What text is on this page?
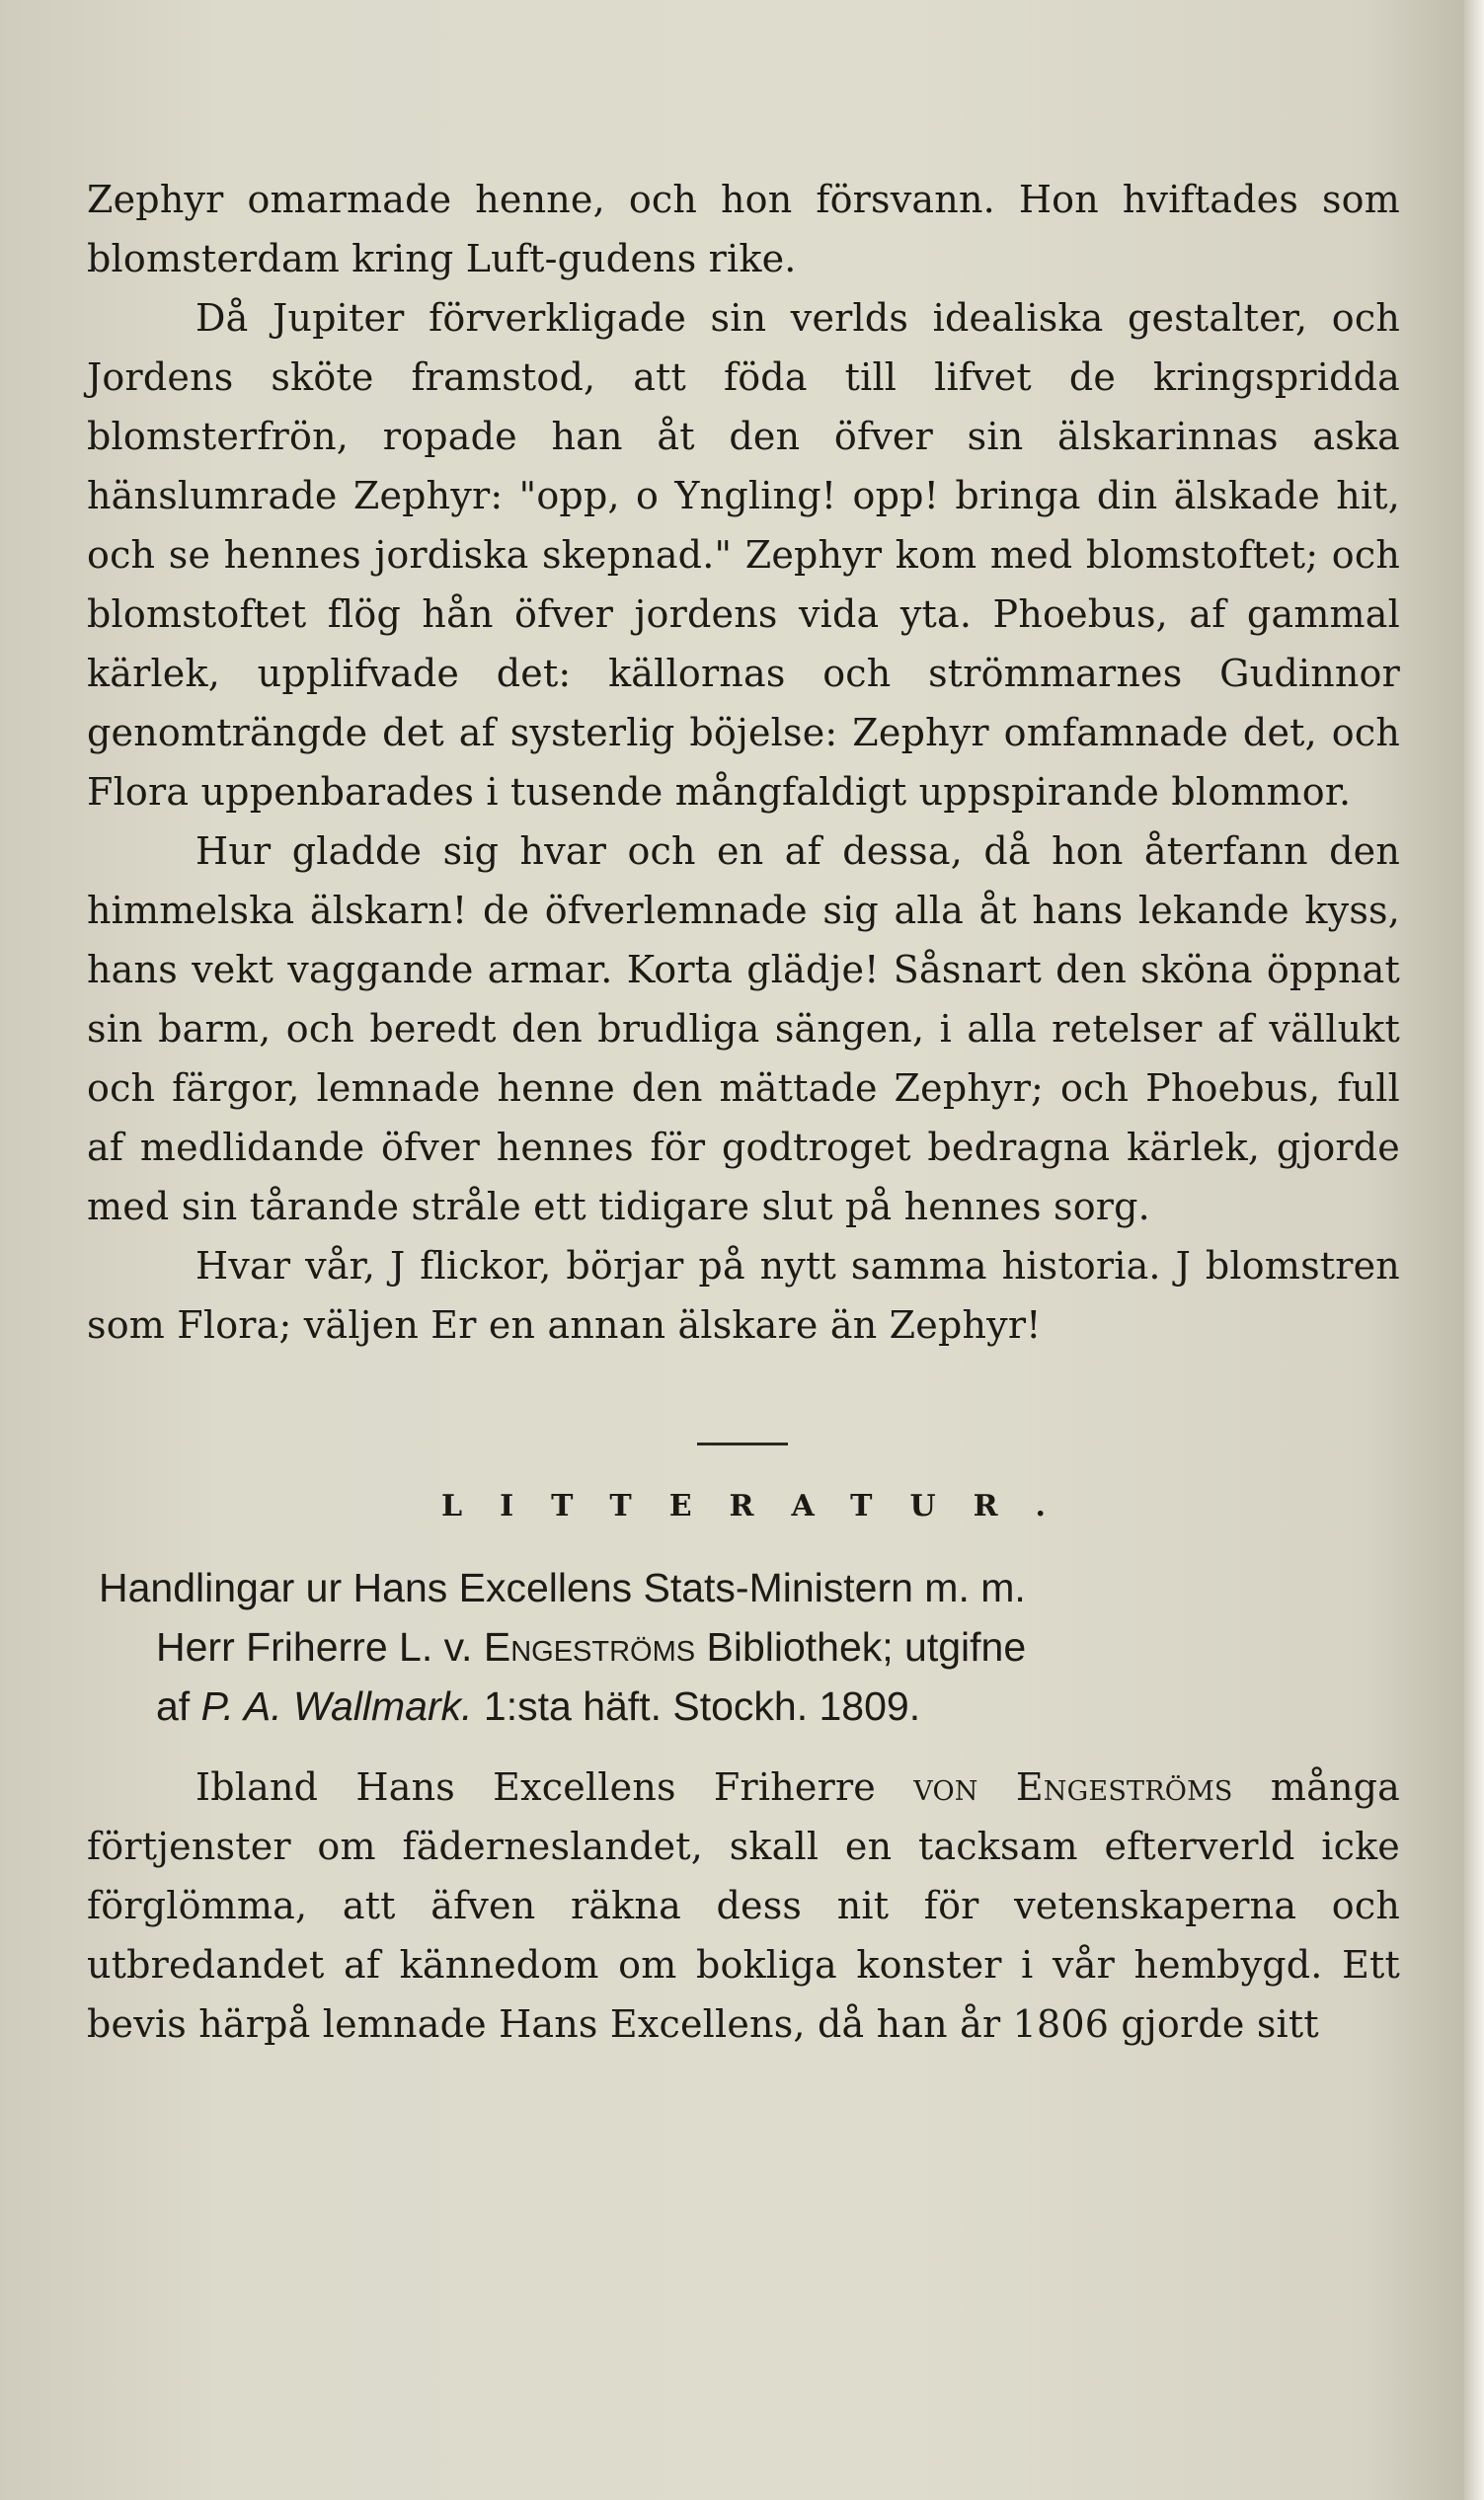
Zephyr omarmade henne, och hon försvann. Hon hviftades som blomsterdam kring Luft-gudens rike.

Då Jupiter förverkligade sin verlds idealiska gestalter, och Jordens sköte framstod, att föda till lifvet de kringspridda blomsterfrön, ropade han åt den öfver sin älskarinnas aska hänslumrade Zephyr: "opp, o Yngling! opp! bringa din älskade hit, och se hennes jordiska skepnad." Zephyr kom med blomstoftet; och blomstoftet flög hån öfver jordens vida yta. Phoebus, af gammal kärlek, upplifvade det: källornas och strömmarnes Gudinnor genomträngde det af systerlig böjelse: Zephyr omfamnade det, och Flora uppenbarades i tusende mångfaldigt uppspirande blommor.

Hur gladde sig hvar och en af dessa, då hon återfann den himmelska älskarn! de öfverlemnade sig alla åt hans lekande kyss, hans vekt vaggande armar. Korta glädje! Såsnart den sköna öppnat sin barm, och beredt den brudliga sängen, i alla retelser af vällukt och färgor, lemnade henne den mättade Zephyr; och Phoebus, full af medlidande öfver hennes för godtroget bedragna kärlek, gjorde med sin tårande stråle ett tidigare slut på hennes sorg.

Hvar vår, J flickor, börjar på nytt samma historia. J blomstren som Flora; väljen Er en annan älskare än Zephyr!

LITTERATUR.
Handlingar ur Hans Excellens Stats-Ministern m. m.
Herr Friherre L. v. Engeströms Bibliothek; utgifne
af P. A. Wallmark. 1:sta häft. Stockh. 1809.

Ibland Hans Excellens Friherre von Engeströms många förtjenster om fäderneslandet, skall en tacksam efterverld icke förglömma, att äfven räkna dess nit för vetenskaperna och utbredandet af kännedom om bokliga konster i vår hembygd. Ett bevis härpå lemnade Hans Excellens, då han år 1806 gjorde sitt
